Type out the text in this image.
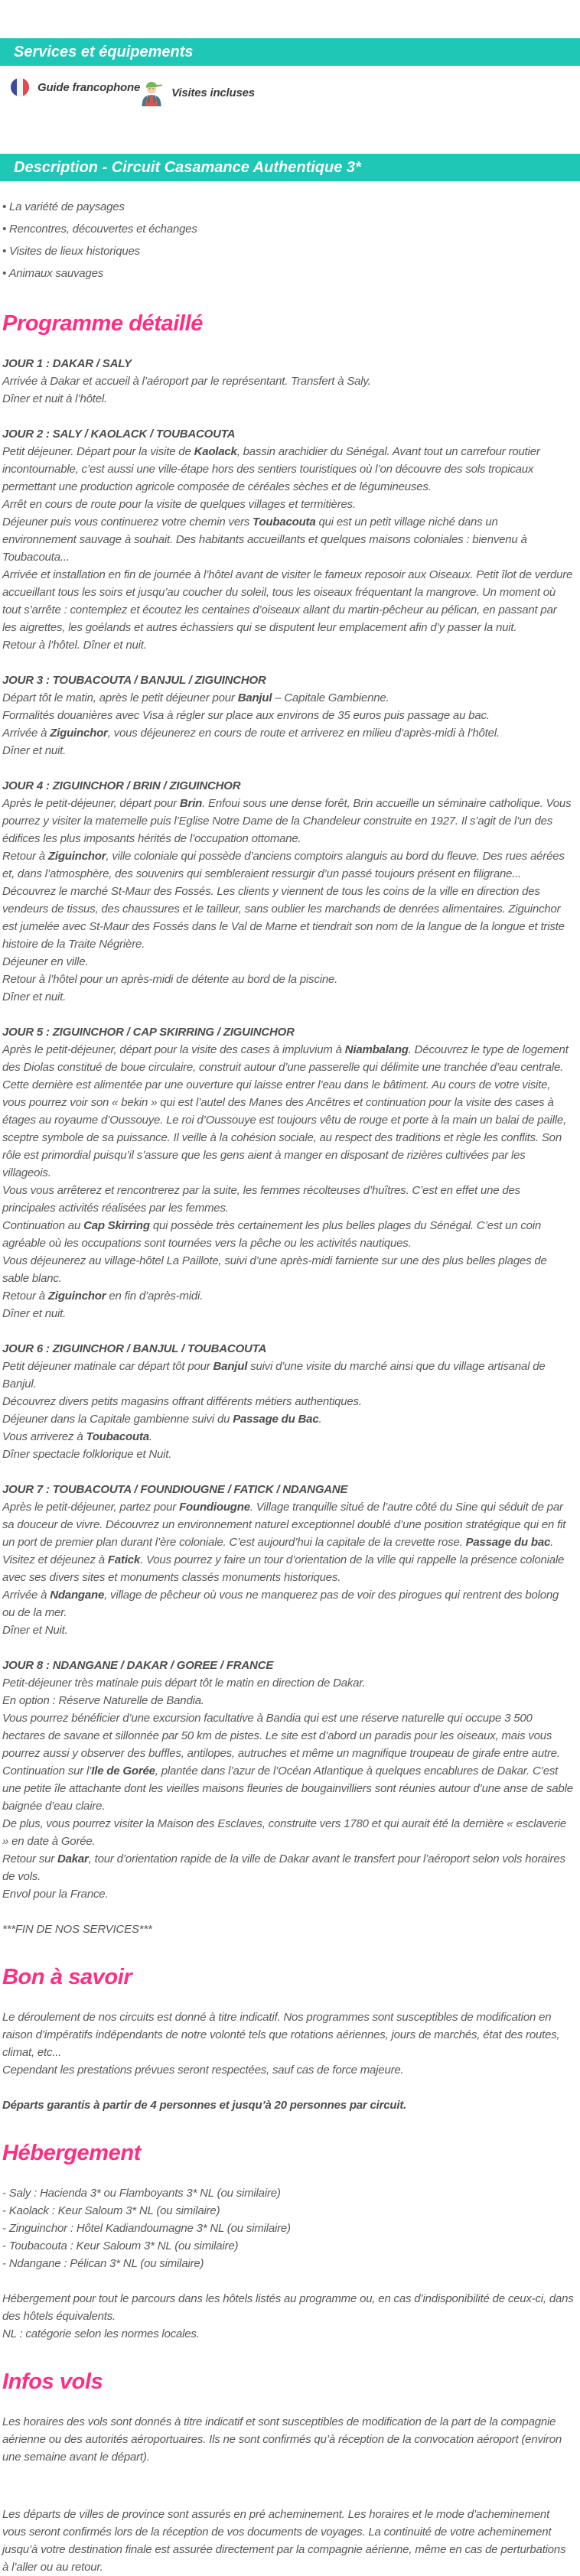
Services et équipements
Guide francophone	Visites incluses
Description - Circuit Casamance Authentique 3*
• La variété de paysages
• Rencontres, découvertes et échanges
• Visites de lieux historiques
• Animaux sauvages
Programme détaillé
JOUR 1 : DAKAR / SALY

Arrivée à Dakar et accueil à l’aéroport par le représentant. Transfert à Saly.

Dîner et nuit à l’hôtel.

JOUR 2 : SALY / KAOLACK / TOUBACOUTA

Petit déjeuner. Départ pour la visite de Kaolack, bassin arachidier du Sénégal. Avant tout un carrefour routier incontournable, c’est aussi une ville-étape hors des sentiers touristiques où l’on découvre des sols tropicaux permettant une production agricole composée de céréales sèches et de légumineuses.

Arrêt en cours de route pour la visite de quelques villages et termitières.

Déjeuner puis vous continuerez votre chemin vers Toubacouta qui est un petit village niché dans un environnement sauvage à souhait. Des habitants accueillants et quelques maisons coloniales : bienvenu à Toubacouta...

Arrivée et installation en fin de journée à l’hôtel avant de visiter le fameux reposoir aux Oiseaux. Petit îlot de verdure accueillant tous les soirs et jusqu’au coucher du soleil, tous les oiseaux fréquentant la mangrove. Un moment où tout s’arrête : contemplez et écoutez les centaines d’oiseaux allant du martin-pêcheur au pélican, en passant par les aigrettes, les goélands et autres échassiers qui se disputent leur emplacement afin d’y passer la nuit.

Retour à l’hôtel. Dîner et nuit.

JOUR 3 : TOUBACOUTA / BANJUL / ZIGUINCHOR

Départ tôt le matin, après le petit déjeuner pour Banjul – Capitale Gambienne.

Formalités douanières avec Visa à régler sur place aux environs de 35 euros puis passage au bac.

Arrivée à Ziguinchor, vous déjeunerez en cours de route et arriverez en milieu d’après-midi à l’hôtel.

Dîner et nuit.

JOUR 4 : ZIGUINCHOR / BRIN / ZIGUINCHOR

Après le petit-déjeuner, départ pour Brin. Enfoui sous une dense forêt, Brin accueille un séminaire catholique. Vous pourrez y visiter la maternelle puis l’Eglise Notre Dame de la Chandeleur construite en 1927. Il s’agit de l’un des édifices les plus imposants hérités de l’occupation ottomane.

Retour à Ziguinchor, ville coloniale qui possède d’anciens comptoirs alanguis au bord du fleuve. Des rues aérées et, dans l’atmosphère, des souvenirs qui sembleraient ressurgir d’un passé toujours présent en filigrane... Découvrez le marché St-Maur des Fossés. Les clients y viennent de tous les coins de la ville en direction des vendeurs de tissus, des chaussures et le tailleur, sans oublier les marchands de denrées alimentaires. Ziguinchor est jumelée avec St-Maur des Fossés dans le Val de Marne et tiendrait son nom de la langue de la longue et triste histoire de la Traite Négrière.

Déjeuner en ville.

Retour à l’hôtel pour un après-midi de détente au bord de la piscine.

Dîner et nuit.

JOUR 5 : ZIGUINCHOR / CAP SKIRRING / ZIGUINCHOR

Après le petit-déjeuner, départ pour la visite des cases à impluvium à Niambalang. Découvrez le type de logement des Diolas constitué de boue circulaire, construit autour d’une passerelle qui délimite une tranchée d’eau centrale. Cette dernière est alimentée par une ouverture qui laisse entrer l’eau dans le bâtiment. Au cours de votre visite, vous pourrez voir son « bekin » qui est l’autel des Manes des Ancêtres et continuation pour la visite des cases à étages au royaume d’Oussouye. Le roi d’Oussouye est toujours vêtu de rouge et porte à la main un balai de paille, sceptre symbole de sa puissance. Il veille à la cohésion sociale, au respect des traditions et règle les conflits. Son rôle est primordial puisqu’il s’assure que les gens aient à manger en disposant de rizières cultivées par les villageois.

Vous vous arrêterez et rencontrerez par la suite, les femmes récolteuses d’huîtres. C’est en effet une des principales activités réalisées par les femmes.

Continuation au Cap Skirring qui possède très certainement les plus belles plages du Sénégal. C’est un coin agréable où les occupations sont tournées vers la pêche ou les activités nautiques.

Vous déjeunerez au village-hôtel La Paillote, suivi d’une après-midi farniente sur une des plus belles plages de sable blanc.

Retour à Ziguinchor en fin d’après-midi.

Dîner et nuit.

JOUR 6 : ZIGUINCHOR / BANJUL / TOUBACOUTA

Petit déjeuner matinale car départ tôt pour Banjul suivi d’une visite du marché ainsi que du village artisanal de Banjul.

Découvrez divers petits magasins offrant différents métiers authentiques.

Déjeuner dans la Capitale gambienne suivi du Passage du Bac.

Vous arriverez à Toubacouta.

Dîner spectacle folklorique et Nuit.

JOUR 7 : TOUBACOUTA / FOUNDIOUGNE / FATICK / NDANGANE

Après le petit-déjeuner, partez pour Foundiougne. Village tranquille situé de l’autre côté du Sine qui séduit de par sa douceur de vivre. Découvrez un environnement naturel exceptionnel doublé d’une position stratégique qui en fit un port de premier plan durant l’ère coloniale. C’est aujourd’hui la capitale de la crevette rose. Passage du bac.

Visitez et déjeunez à Fatick. Vous pourrez y faire un tour d’orientation de la ville qui rappelle la présence coloniale avec ses divers sites et monuments classés monuments historiques.

Arrivée à Ndangane, village de pêcheur où vous ne manquerez pas de voir des pirogues qui rentrent des bolong ou de la mer.

Dîner et Nuit.

JOUR 8 : NDANGANE / DAKAR / GOREE / FRANCE

Petit-déjeuner très matinale puis départ tôt le matin en direction de Dakar.

En option : Réserve Naturelle de Bandia.

Vous pourrez bénéficier d’une excursion facultative à Bandia qui est une réserve naturelle qui occupe 3 500 hectares de savane et sillonnée par 50 km de pistes. Le site est d’abord un paradis pour les oiseaux, mais vous pourrez aussi y observer des buffles, antilopes, autruches et même un magnifique troupeau de girafe entre autre.

Continuation sur l’Ile de Gorée, plantée dans l’azur de l’Océan Atlantique à quelques encablures de Dakar. C’est une petite île attachante dont les vieilles maisons fleuries de bougainvilliers sont réunies autour d’une anse de sable baignée d’eau claire.

De plus, vous pourrez visiter la Maison des Esclaves, construite vers 1780 et qui aurait été la dernière « esclaverie » en date à Gorée.

Retour sur Dakar, tour d’orientation rapide de la ville de Dakar avant le transfert pour l’aéroport selon vols horaires de vols.

Envol pour la France.

***FIN DE NOS SERVICES***

Bon à savoir

Le déroulement de nos circuits est donné à titre indicatif. Nos programmes sont susceptibles de modification en raison d’impératifs indépendants de notre volonté tels que rotations aériennes, jours de marchés, état des routes, climat, etc...

Cependant les prestations prévues seront respectées, sauf cas de force majeure.

Départs garantis à partir de 4 personnes et jusqu’à 20 personnes par circuit.

Hébergement

- Saly : Hacienda 3* ou Flamboyants 3* NL (ou similaire)

- Kaolack : Keur Saloum 3* NL (ou similaire)

- Zinguinchor : Hôtel Kadiandoumagne 3* NL (ou similaire)

- Toubacouta : Keur Saloum 3* NL (ou similaire)

- Ndangane : Pélican 3* NL (ou similaire)

Hébergement pour tout le parcours dans les hôtels listés au programme ou, en cas d’indisponibilité de ceux-ci, dans des hôtels équivalents.

NL : catégorie selon les normes locales.

Infos vols

Les horaires des vols sont donnés à titre indicatif et sont susceptibles de modification de la part de la compagnie aérienne ou des autorités aéroportuaires. Ils ne sont confirmés qu’à réception de la convocation aéroport (environ une semaine avant le départ).

Les départs de villes de province sont assurés en pré acheminement. Les horaires et le mode d’acheminement vous seront confirmés lors de la réception de vos documents de voyages. La continuité de votre acheminement jusqu’à votre destination finale est assurée directement par la compagnie aérienne, même en cas de perturbations à l’aller ou au retour.
